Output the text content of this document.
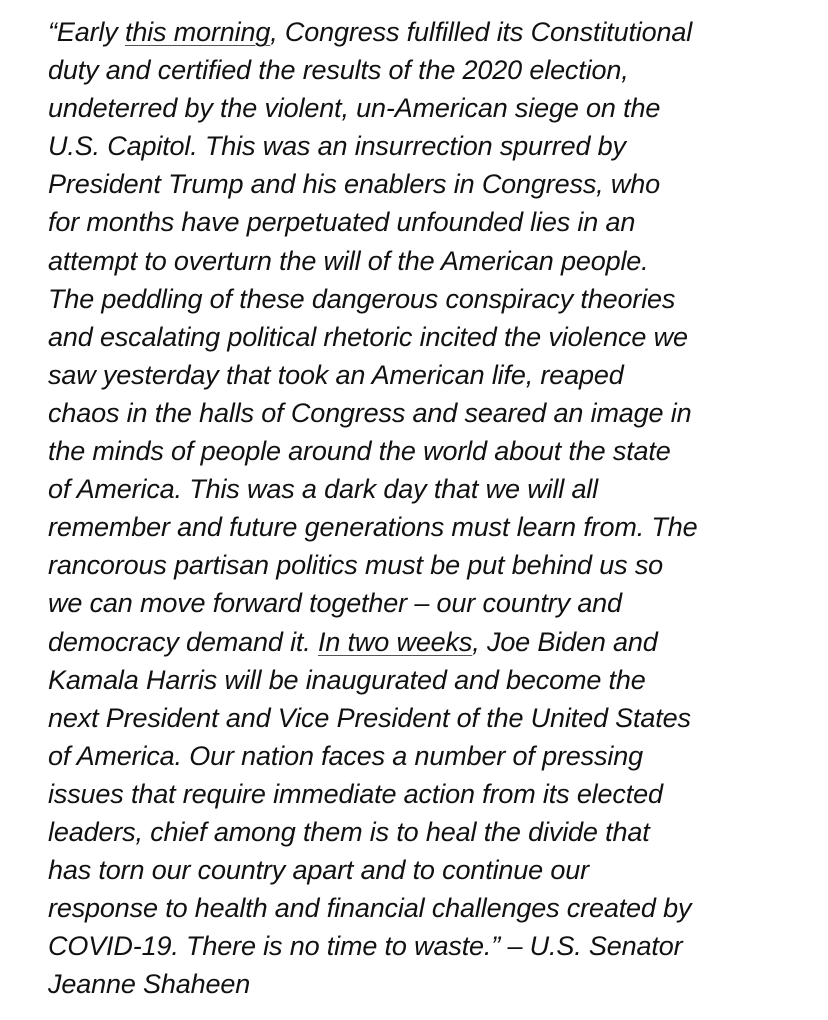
“Early this morning, Congress fulfilled its Constitutional
duty and certified the results of the 2020 election,
undeterred by the violent, un-American siege on the
U.S. Capitol. This was an insurrection spurred by
President Trump and his enablers in Congress, who
for months have perpetuated unfounded lies in an
attempt to overturn the will of the American people.
The peddling of these dangerous conspiracy theories
and escalating political rhetoric incited the violence we
saw yesterday that took an American life, reaped
chaos in the halls of Congress and seared an image in
the minds of people around the world about the state
of America. This was a dark day that we will all
remember and future generations must learn from. The
rancorous partisan politics must be put behind us so
we can move forward together – our country and
democracy demand it. In two weeks, Joe Biden and
Kamala Harris will be inaugurated and become the
next President and Vice President of the United States
of America. Our nation faces a number of pressing
issues that require immediate action from its elected
leaders, chief among them is to heal the divide that
has torn our country apart and to continue our
response to health and financial challenges created by
COVID-19. There is no time to waste.” – U.S. Senator
Jeanne Shaheen
